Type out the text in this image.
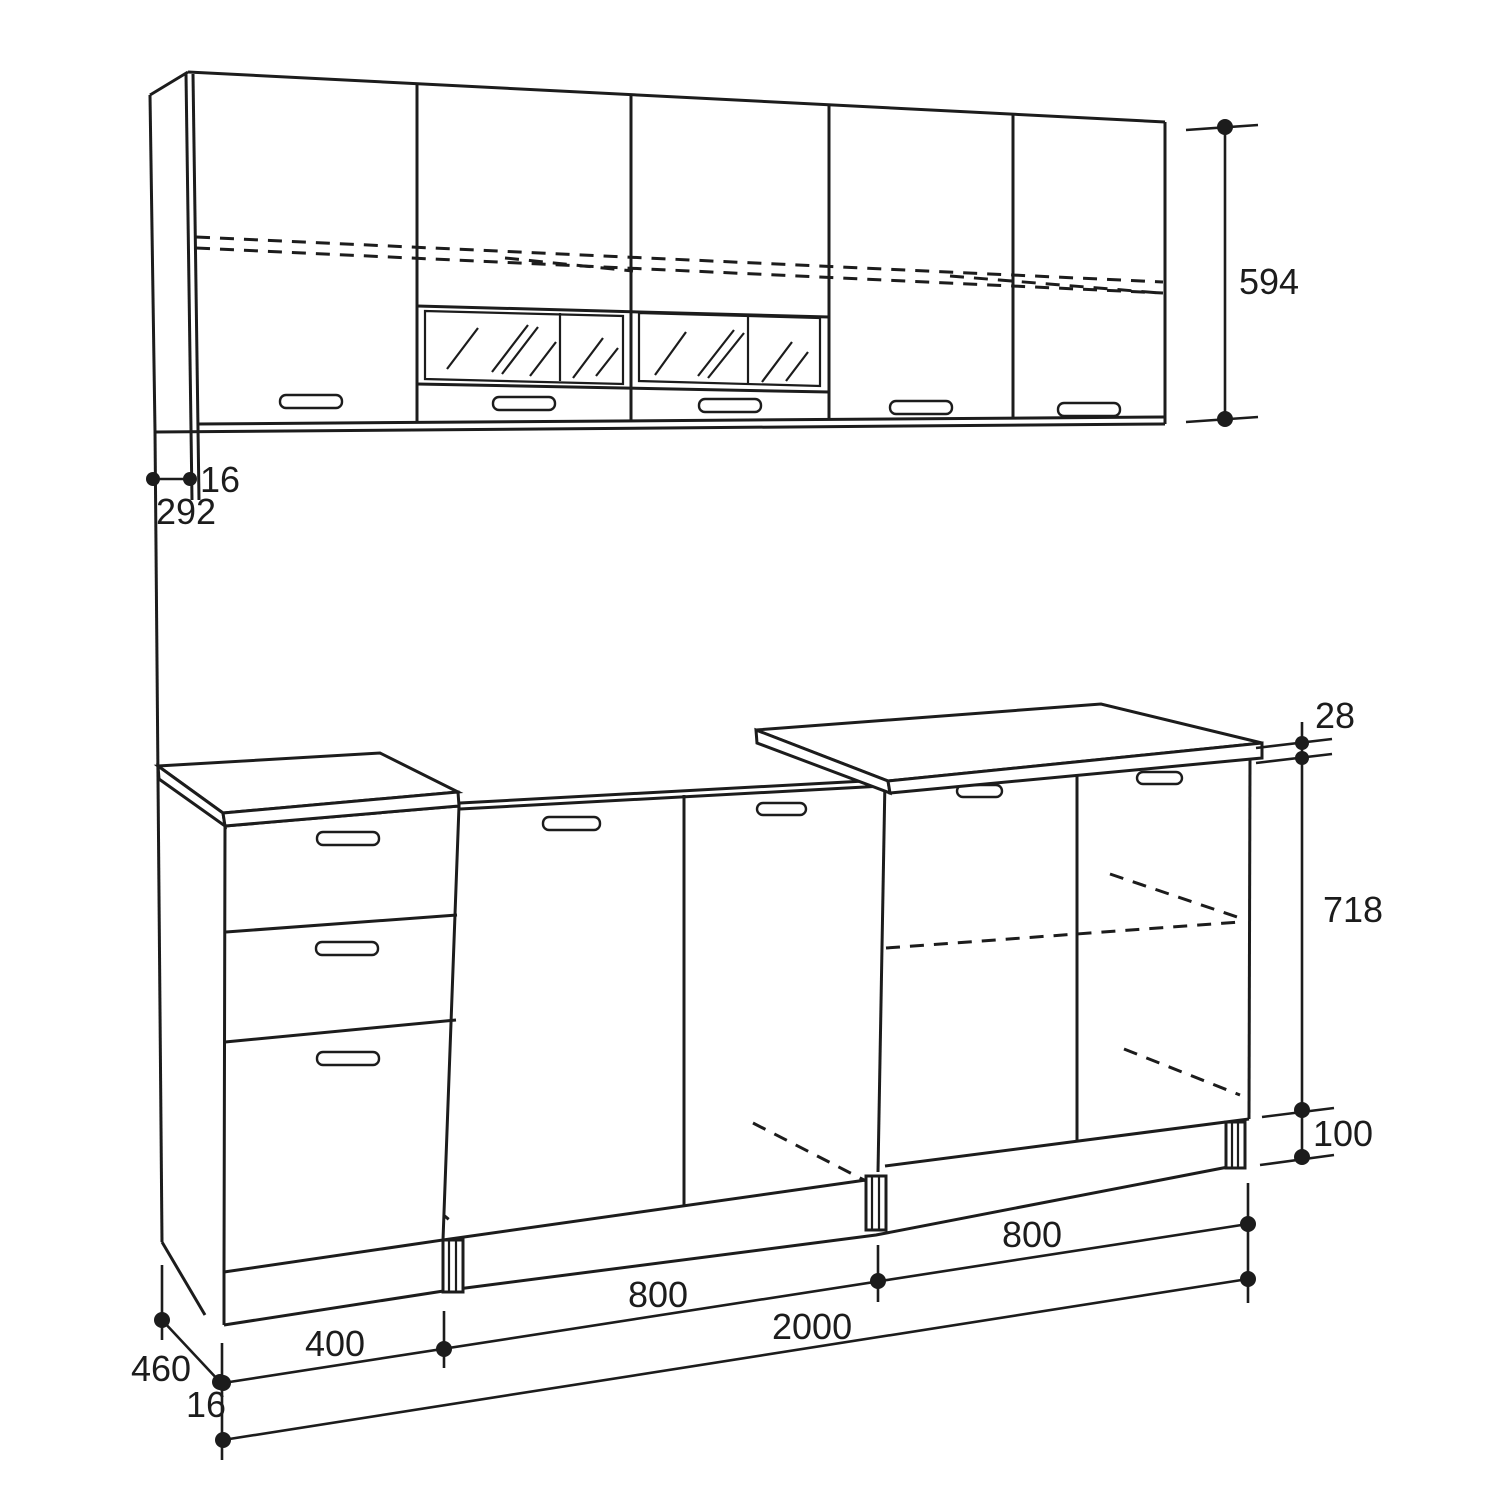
594
16
292
28
718
100
400
800
800
2000
460
16
